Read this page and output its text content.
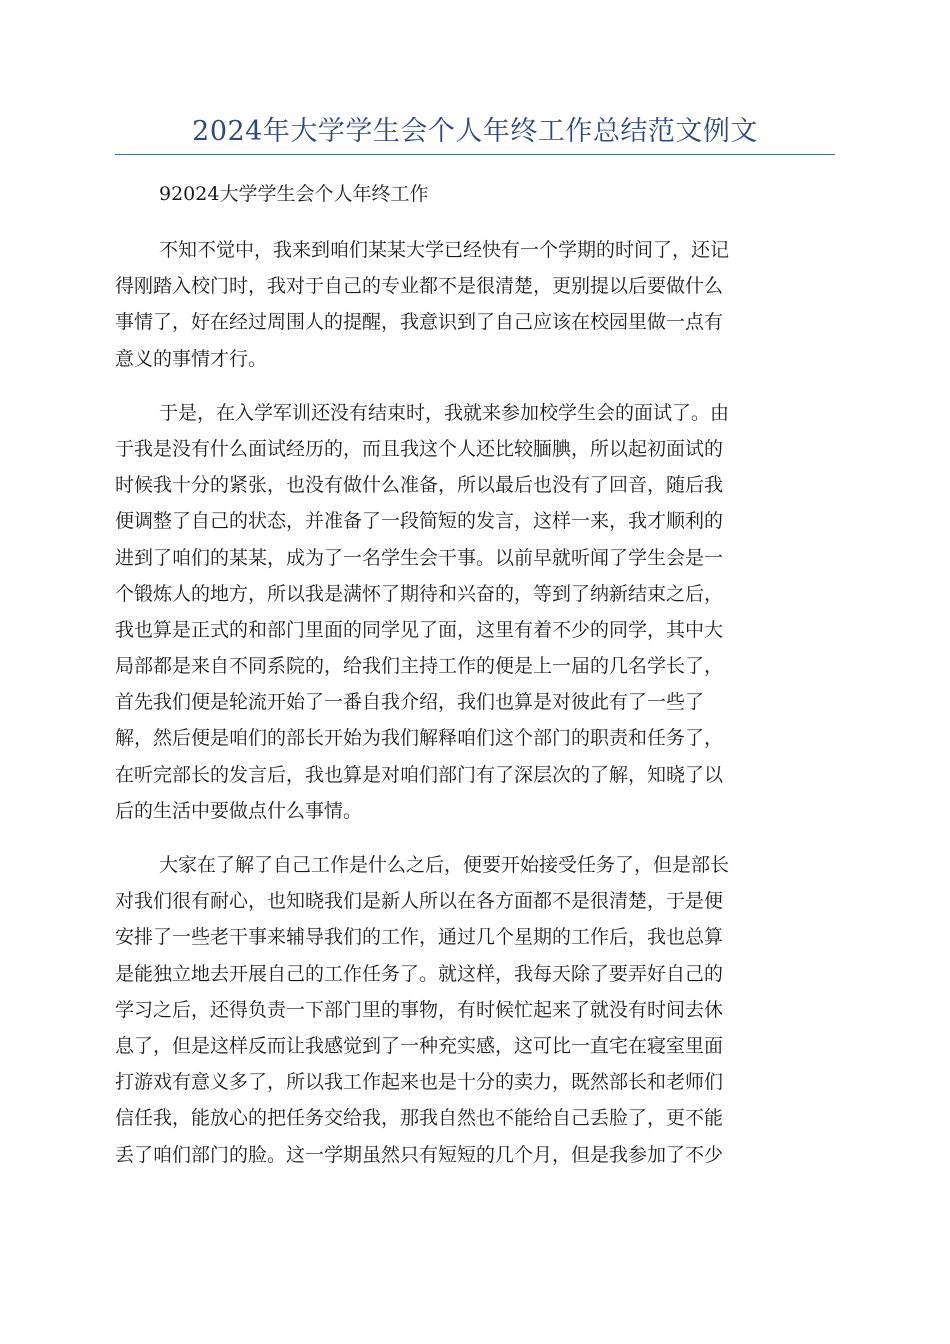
2024年大学学生会个人年终工作总结范文例文
92024大学学生会个人年终工作
不知不觉中，我来到咱们某某大学已经快有一个学期的时间了，还记
得刚踏入校门时，我对于自己的专业都不是很清楚，更别提以后要做什么
事情了，好在经过周围人的提醒，我意识到了自己应该在校园里做一点有
意义的事情才行。
于是，在入学军训还没有结束时，我就来参加校学生会的面试了。由
于我是没有什么面试经历的，而且我这个人还比较腼腆，所以起初面试的
时候我十分的紧张，也没有做什么准备，所以最后也没有了回音，随后我
便调整了自己的状态，并准备了一段简短的发言，这样一来，我才顺利的
进到了咱们的某某，成为了一名学生会干事。以前早就听闻了学生会是一
个锻炼人的地方，所以我是满怀了期待和兴奋的，等到了纳新结束之后，
我也算是正式的和部门里面的同学见了面，这里有着不少的同学，其中大
局部都是来自不同系院的，给我们主持工作的便是上一届的几名学长了，
首先我们便是轮流开始了一番自我介绍，我们也算是对彼此有了一些了
解，然后便是咱们的部长开始为我们解释咱们这个部门的职责和任务了，
在听完部长的发言后，我也算是对咱们部门有了深层次的了解，知晓了以
后的生活中要做点什么事情。
大家在了解了自己工作是什么之后，便要开始接受任务了，但是部长
对我们很有耐心，也知晓我们是新人所以在各方面都不是很清楚，于是便
安排了一些老干事来辅导我们的工作，通过几个星期的工作后，我也总算
是能独立地去开展自己的工作任务了。就这样，我每天除了要弄好自己的
学习之后，还得负责一下部门里的事物，有时候忙起来了就没有时间去休
息了，但是这样反而让我感觉到了一种充实感，这可比一直宅在寝室里面
打游戏有意义多了，所以我工作起来也是十分的卖力，既然部长和老师们
信任我，能放心的把任务交给我，那我自然也不能给自己丢脸了，更不能
丢了咱们部门的脸。这一学期虽然只有短短的几个月，但是我参加了不少
